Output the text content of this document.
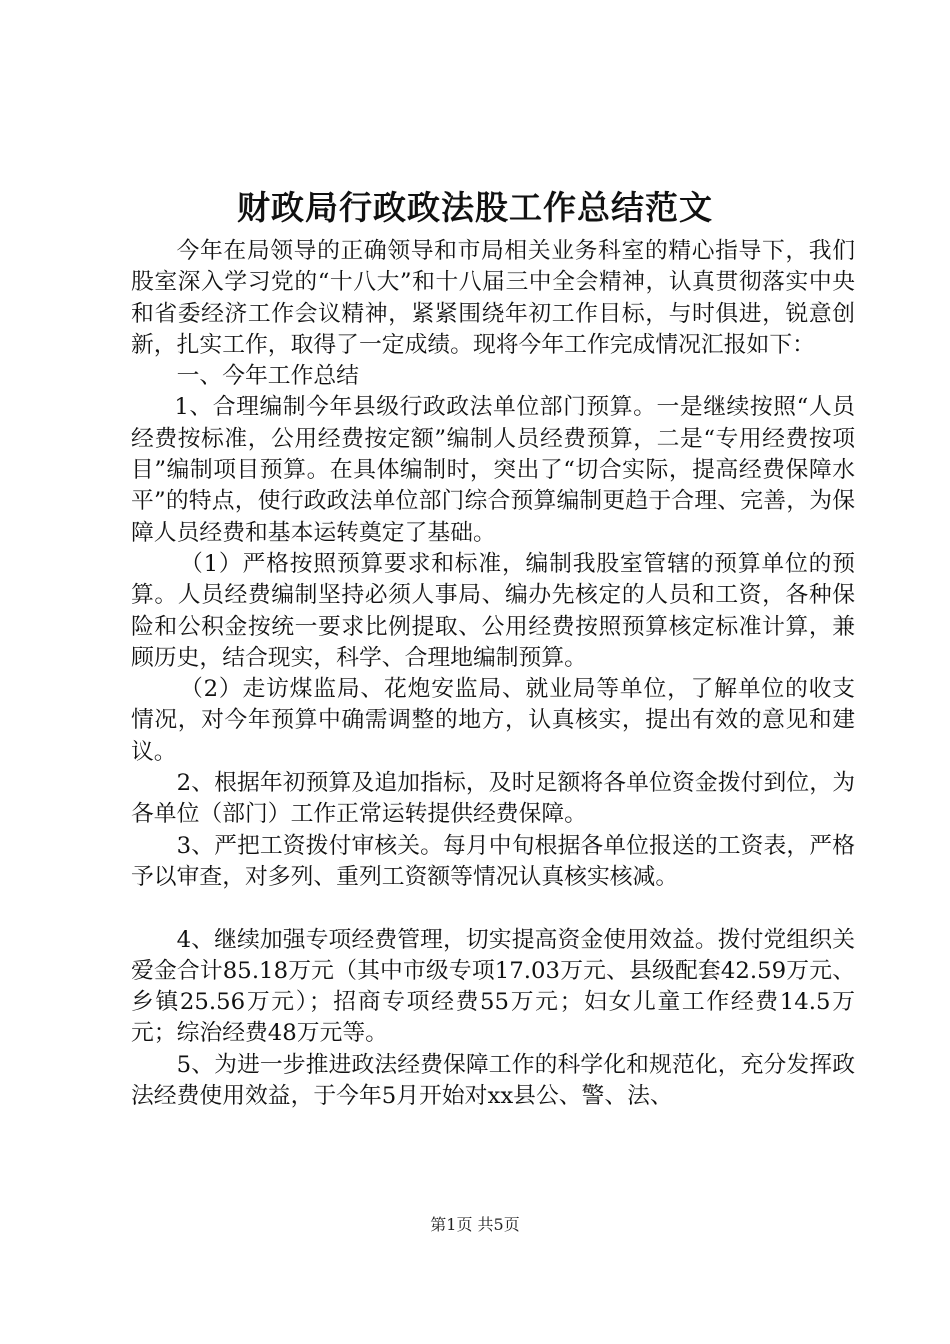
财政局行政政法股工作总结范文

今年在局领导的正确领导和市局相关业务科室的精心指导下，我们股室深入学习党的“十八大”和十八届三中全会精神，认真贯彻落实中央和省委经济工作会议精神，紧紧围绕年初工作目标，与时俱进，锐意创新，扎实工作，取得了一定成绩。现将今年工作完成情况汇报如下：

一、今年工作总结

1、合理编制今年县级行政政法单位部门预算。一是继续按照“人员经费按标准，公用经费按定额”编制人员经费预算，二是“专用经费按项目”编制项目预算。在具体编制时，突出了“切合实际，提高经费保障水平”的特点，使行政政法单位部门综合预算编制更趋于合理、完善，为保障人员经费和基本运转奠定了基础。

（1）严格按照预算要求和标准，编制我股室管辖的预算单位的预算。人员经费编制坚持必须人事局、编办先核定的人员和工资，各种保险和公积金按统一要求比例提取、公用经费按照预算核定标准计算，兼顾历史，结合现实，科学、合理地编制预算。

（2）走访煤监局、花炮安监局、就业局等单位，了解单位的收支情况，对今年预算中确需调整的地方，认真核实，提出有效的意见和建议。

2、根据年初预算及追加指标，及时足额将各单位资金拨付到位，为各单位（部门）工作正常运转提供经费保障。

3、严把工资拨付审核关。每月中旬根据各单位报送的工资表，严格予以审查，对多列、重列工资额等情况认真核实核减。

4、继续加强专项经费管理，切实提高资金使用效益。拨付党组织关爱金合计85.18万元（其中市级专项17.03万元、县级配套42.59万元、乡镇25.56万元）；招商专项经费55万元；妇女儿童工作经费14.5万元；综治经费48万元等。

5、为进一步推进政法经费保障工作的科学化和规范化，充分发挥政法经费使用效益，于今年5月开始对xx县公、警、法、

第1页 共5页
